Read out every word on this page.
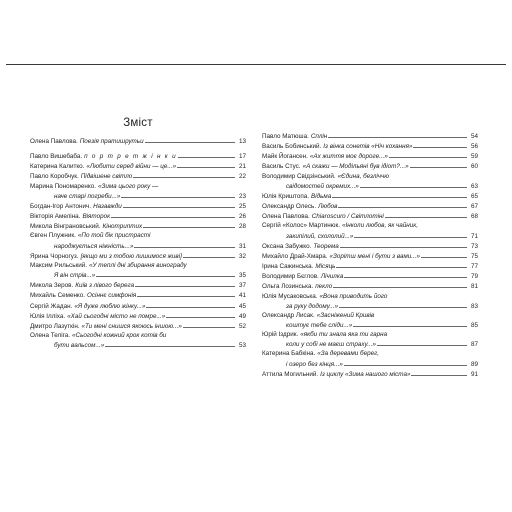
Зміст
Олена Павлова. Поезія пратишрутьи	13
Павло Вишебаба. п о р т р е т ж і н к и	17
Катерина Калитко. «Любити серед війни — це...»	21
Павло Коробчук. Підвішене світло	22
Марина Пономаренко. «Зима цього року —
наче старі погреби...»	23
Богдан-Ігор Антонич. Назавжди	25
Вікторія Амеліна. Віяторок	26
Микола Вінграновський. Кінотриптих	28
Євген Плужник. «По той бік пристрасті
народжується ніжність...»	31
Ярина Чорногуз. [якщо ми з тобою лишимося живі]	32
Максим Рильський. «У теплі дні збирання винограду
Я він стрів...»	35
Микола Зеров. Київ з лівого берега	37
Михайль Семенко. Осіннє симфонія	41
Сергій Жадан. «Я дуже люблю жінку...»	45
Юлія Ілліха. «Хай сьогодні місто не помре...»	49
Дмитро Лазуткін. «Ти мені снишся якоюсь іншою...»	52
Олена Теліга. «Сьогодні кожний крок котів би
бути вальсом...»	53
Павло Матюша. Сплін	54
Василь Бобинський. Із вінка сонетів «Ніч кохання»	56
Майк Йогансен. «Ах життя моє дороге...»	59
Василь Стус. «А скажи — Модільяні був ідіот?...»	60
Володимир Свідзінський. «Єдина, безліччю
свідомостей окремих...»	63
Юлія Криштопа. Відьма	65
Олександр Олесь. Любов	67
Олена Павлова. Chiaroscuro / Світлотіні	68
Сергій «Колос» Мартинюк. «Інколи любов, як чайник,
закипілий, схололий...»	71
Оксана Забужко. Теорема	73
Михайло Драй-Хмара. «Зорітш мені і бути з вами...»	75
Ірина Сажинська. Місяць	77
Володимир Бєглов. Лічилка	79
Ольга Лозинська. пекло	81
Юлія Мусаковська. «Вона приводить його
за руку додому...»	83
Олександр Лисак. «Засніжений Кривів
коштує тебе сліди...»	85
Юрій Іздрик. «якби ти знала яка ти гарна
коли у собі не маєш страху...»	87
Катерина Бабкіна. «За деревами берег,
і озеро без кінця...»	89
Аттила Могильний. Із циклу «Зима нашого міста»	91
